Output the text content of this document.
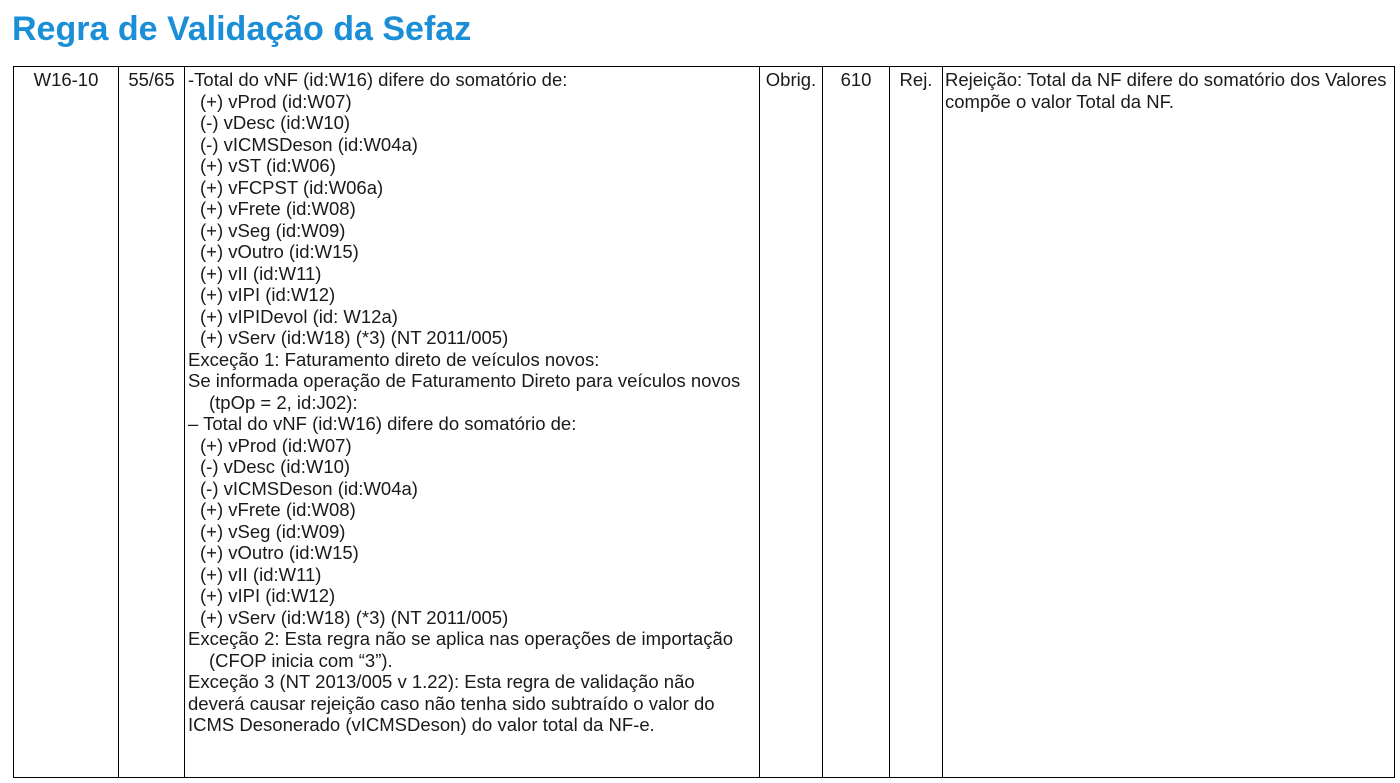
Regra de Validação da Sefaz
W16-10	55/65	-Total do vNF (id:W16) difere do somatório de:
(+) vProd (id:W07)
(-) vDesc (id:W10)
(-) vICMSDeson (id:W04a)
(+) vST (id:W06)
(+) vFCPST (id:W06a)
(+) vFrete (id:W08)
(+) vSeg (id:W09)
(+) vOutro (id:W15)
(+) vII (id:W11)
(+) vIPI (id:W12)
(+) vIPIDevol (id: W12a)
(+) vServ (id:W18) (*3) (NT 2011/005)
Exceção 1: Faturamento direto de veículos novos:
Se informada operação de Faturamento Direto para veículos novos
(tpOp = 2, id:J02):
– Total do vNF (id:W16) difere do somatório de:
(+) vProd (id:W07)
(-) vDesc (id:W10)
(-) vICMSDeson (id:W04a)
(+) vFrete (id:W08)
(+) vSeg (id:W09)
(+) vOutro (id:W15)
(+) vII (id:W11)
(+) vIPI (id:W12)
(+) vServ (id:W18) (*3) (NT 2011/005)
Exceção 2: Esta regra não se aplica nas operações de importação
(CFOP inicia com “3”).
Exceção 3 (NT 2013/005 v 1.22): Esta regra de validação não
deverá causar rejeição caso não tenha sido subtraído o valor do
ICMS Desonerado (vICMSDeson) do valor total da NF-e.
	Obrig.	610	Rej.	Rejeição: Total da NF difere do somatório dos Valores
compõe o valor Total da NF.
